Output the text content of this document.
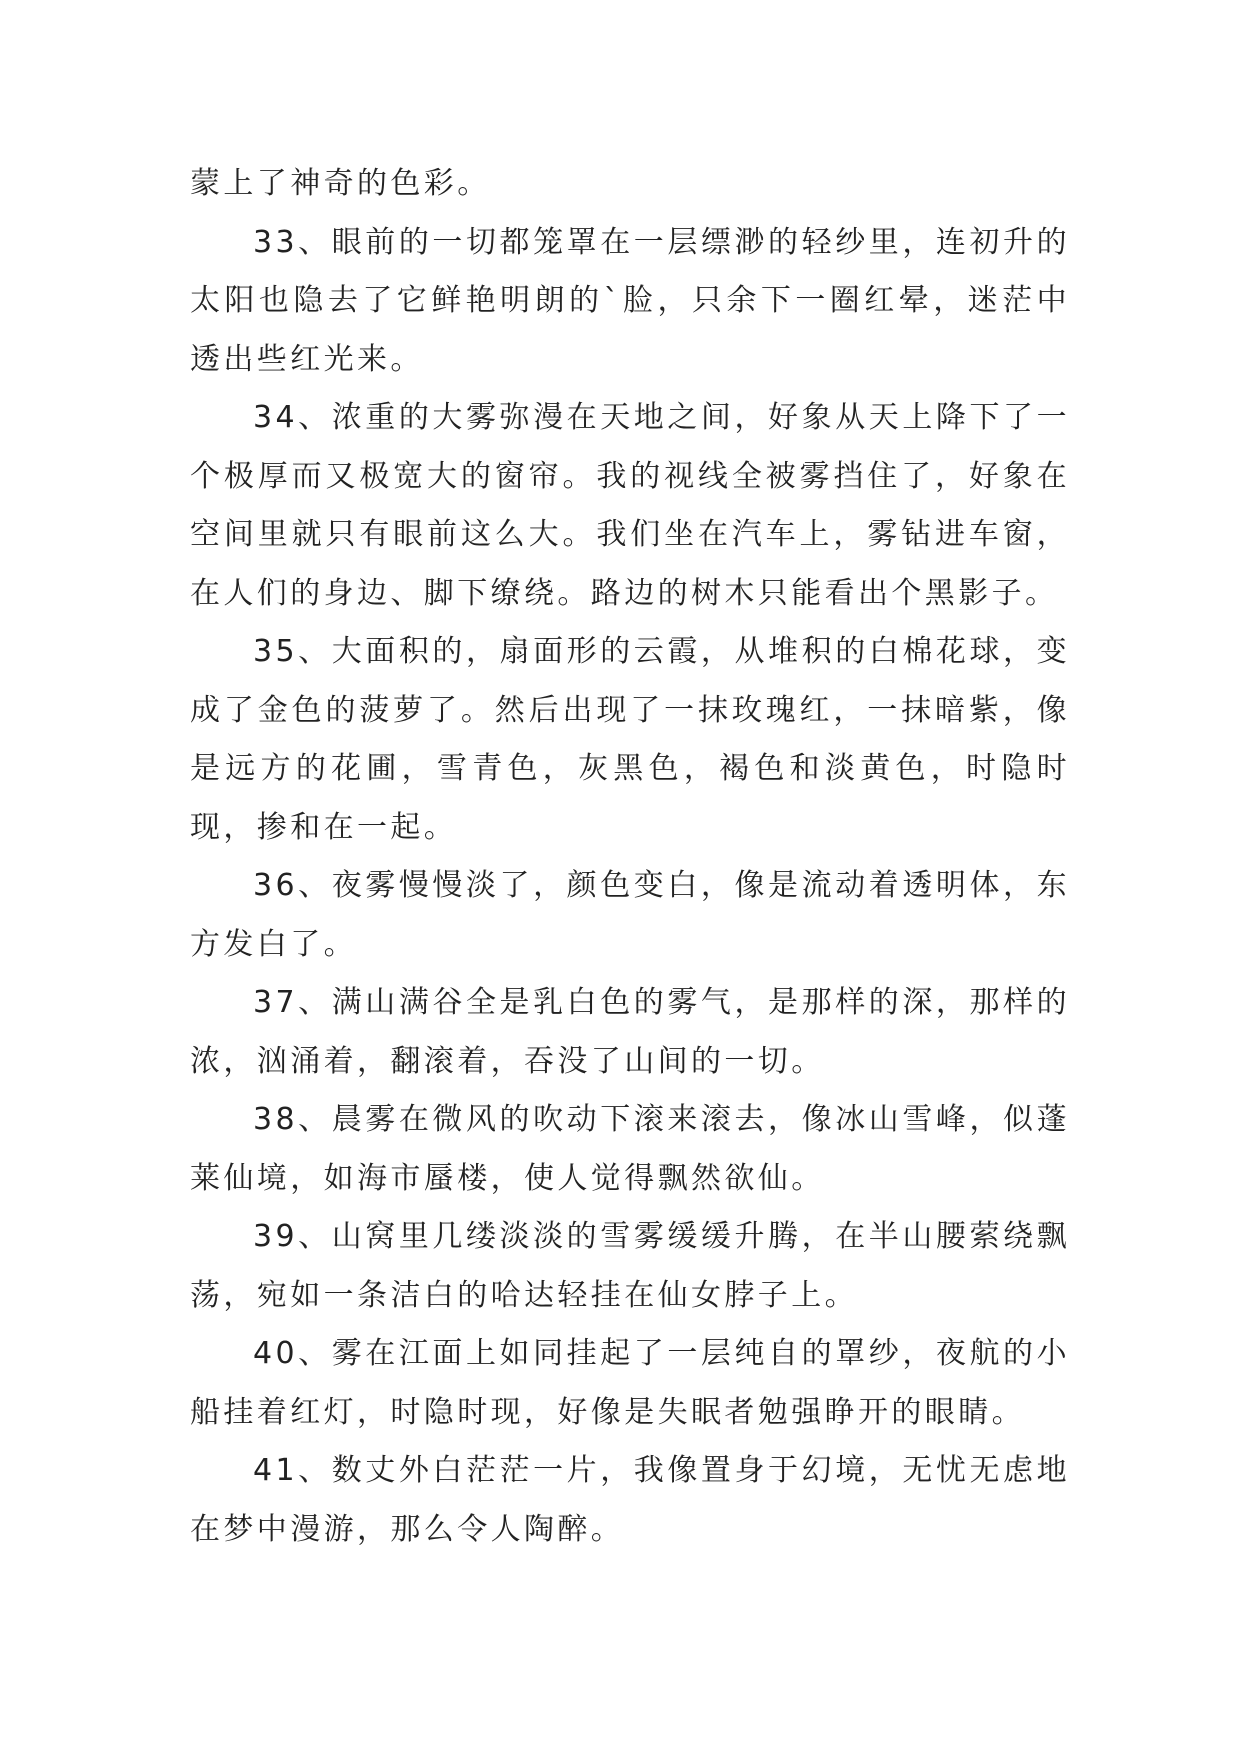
蒙上了神奇的色彩。

33、眼前的一切都笼罩在一层缥渺的轻纱里，连初升的太阳也隐去了它鲜艳明朗的`脸，只余下一圈红晕，迷茫中透出些红光来。

34、浓重的大雾弥漫在天地之间，好象从天上降下了一个极厚而又极宽大的窗帘。我的视线全被雾挡住了，好象在空间里就只有眼前这么大。我们坐在汽车上，雾钻进车窗，在人们的身边、脚下缭绕。路边的树木只能看出个黑影子。

35、大面积的，扇面形的云霞，从堆积的白棉花球，变成了金色的菠萝了。然后出现了一抹玫瑰红，一抹暗紫，像是远方的花圃，雪青色，灰黑色，褐色和淡黄色，时隐时现，掺和在一起。

36、夜雾慢慢淡了，颜色变白，像是流动着透明体，东方发白了。

37、满山满谷全是乳白色的雾气，是那样的深，那样的浓，汹涌着，翻滚着，吞没了山间的一切。

38、晨雾在微风的吹动下滚来滚去，像冰山雪峰，似蓬莱仙境，如海市蜃楼，使人觉得飘然欲仙。

39、山窝里几缕淡淡的雪雾缓缓升腾，在半山腰萦绕飘荡，宛如一条洁白的哈达轻挂在仙女脖子上。

40、雾在江面上如同挂起了一层纯自的罩纱，夜航的小船挂着红灯，时隐时现，好像是失眠者勉强睁开的眼睛。

41、数丈外白茫茫一片，我像置身于幻境，无忧无虑地在梦中漫游，那么令人陶醉。
